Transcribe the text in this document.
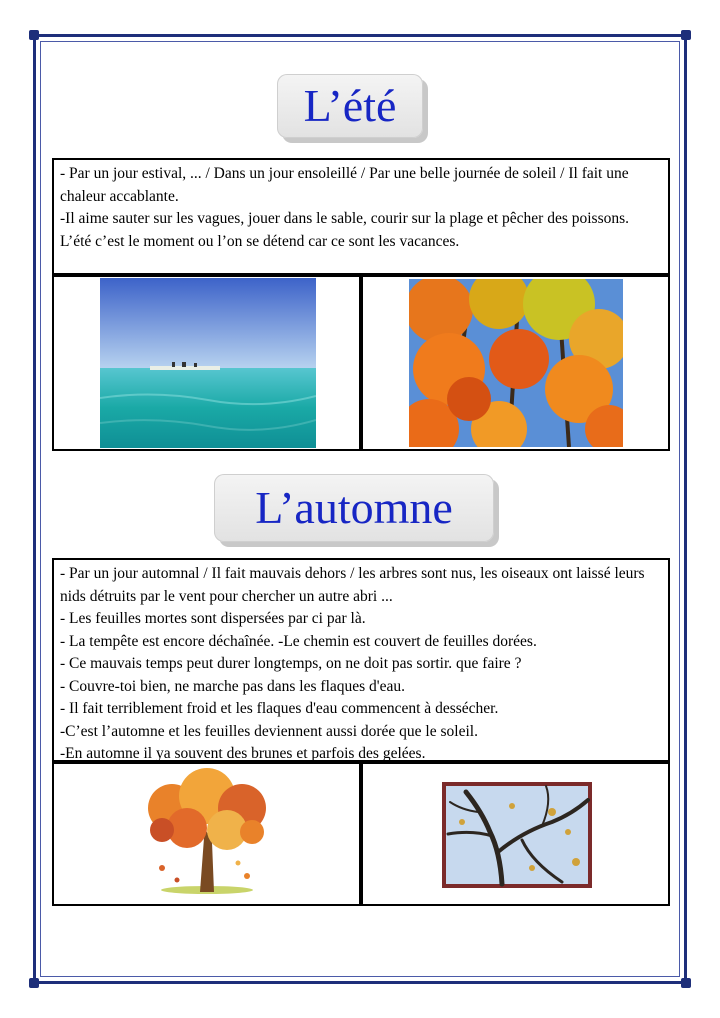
L’été

- Par un jour estival, ... / Dans un jour ensoleillé / Par une belle journée de soleil / Il fait une chaleur accablante.

-Il aime sauter sur les vagues, jouer dans le sable, courir sur la plage et pêcher des poissons. L’été c’est le moment ou l’on se détend car ce sont les vacances.

L’automne

- Par un jour automnal / Il fait mauvais dehors / les arbres sont nus, les oiseaux ont laissé leurs nids détruits par le vent pour chercher un autre abri ...

- Les feuilles mortes sont dispersées par ci par là.

- La tempête est encore déchaînée. -Le chemin est couvert de feuilles dorées.

- Ce mauvais temps peut durer longtemps, on ne doit pas sortir. que faire ?

- Couvre-toi bien, ne marche pas dans les flaques d'eau.

- Il fait terriblement froid et les flaques d'eau commencent à dessécher.

-C’est l’automne et les feuilles deviennent aussi dorée que le soleil.

-En automne il ya souvent des brunes et parfois des gelées.
